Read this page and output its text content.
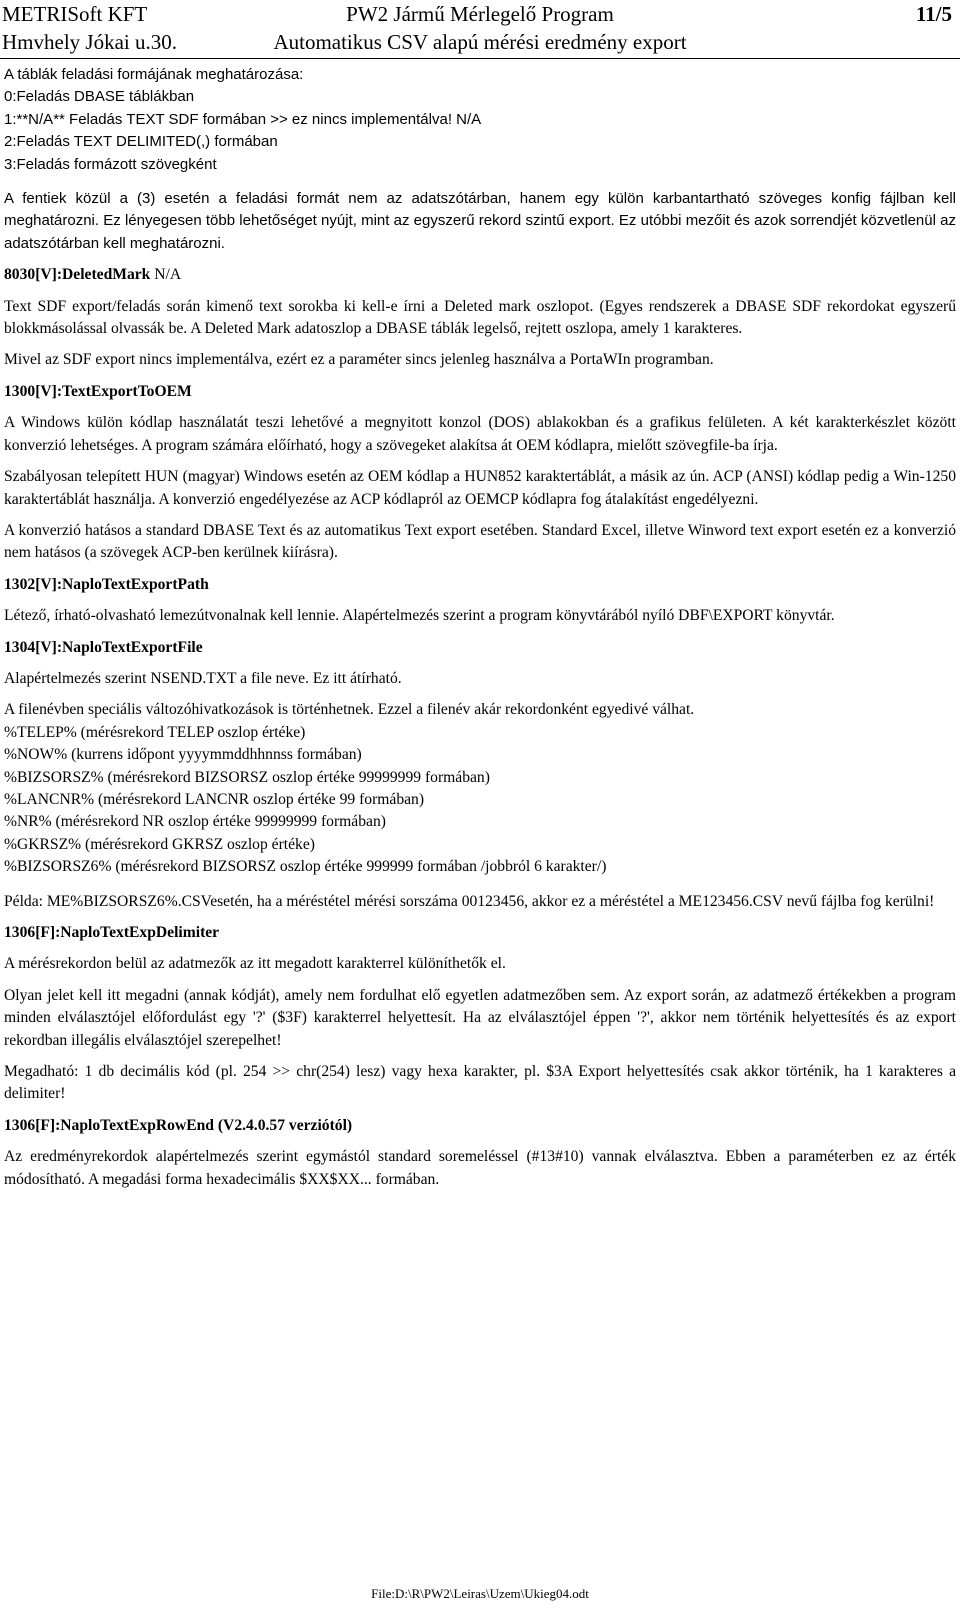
METRISoft KFT
Hmvhely Jókai u.30.
PW2 Jármű Mérlegelő Program
Automatikus CSV alapú mérési eredmény export
11/5
A táblák feladási formájának meghatározása:
0:Feladás DBASE táblákban
1:**N/A** Feladás TEXT SDF formában >> ez nincs implementálva! N/A
2:Feladás TEXT DELIMITED(,) formában
3:Feladás formázott szövegként

A fentiek közül a (3) esetén a feladási formát nem az adatszótárban, hanem egy külön karbantartható szöveges konfig fájlban kell meghatározni. Ez lényegesen több lehetőséget nyújt, mint az egyszerű rekord szintű export. Ez utóbbi mezőit és azok sorrendjét közvetlenül az adatszótárban kell meghatározni.

8030[V]:DeletedMark N/A

Text SDF export/feladás során kimenő text sorokba ki kell-e írni a Deleted mark oszlopot. (Egyes rendszerek a DBASE SDF rekordokat egyszerű blokkmásolással olvassák be. A Deleted Mark adatoszlop a DBASE táblák legelső, rejtett oszlopa, amely 1 karakteres.

Mivel az SDF export nincs implementálva, ezért ez a paraméter sincs jelenleg használva a PortaWIn programban.

1300[V]:TextExportToOEM

A Windows külön kódlap használatát teszi lehetővé a megnyitott konzol (DOS) ablakokban és a grafikus felületen. A két karakterkészlet között konverzió lehetséges. A program számára előírható, hogy a szövegeket alakítsa át OEM kódlapra, mielőtt szövegfile-ba írja.

Szabályosan telepített HUN (magyar) Windows esetén az OEM kódlap a HUN852 karaktertáblát, a másik az ún. ACP (ANSI) kódlap pedig a Win-1250 karaktertáblát használja. A konverzió engedélyezése az ACP kódlapról az OEMCP kódlapra fog átalakítást engedélyezni.

A konverzió hatásos a standard DBASE Text és az automatikus Text export esetében. Standard Excel, illetve Winword text export esetén ez a konverzió nem hatásos (a szövegek ACP-ben kerülnek kiírásra).

1302[V]:NaploTextExportPath

Létező, írható-olvasható lemezútvonalnak kell lennie. Alapértelmezés szerint a program könyvtárából nyíló DBF\EXPORT könyvtár.

1304[V]:NaploTextExportFile

Alapértelmezés szerint NSEND.TXT a file neve. Ez itt átírható.

A filenévben speciális változóhivatkozások is történhetnek. Ezzel a filenév akár rekordonként egyedivé válhat.
%TELEP% (mérésrekord TELEP oszlop értéke)
%NOW% (kurrens időpont yyyymmddhhnnss formában)
%BIZSORSZ% (mérésrekord BIZSORSZ oszlop értéke 99999999 formában)
%LANCNR% (mérésrekord LANCNR oszlop értéke 99 formában)
%NR% (mérésrekord NR oszlop értéke 99999999 formában)
%GKRSZ% (mérésrekord GKRSZ oszlop értéke)
%BIZSORSZ6% (mérésrekord BIZSORSZ oszlop értéke 999999 formában /jobbról 6 karakter/)

Példa: ME%BIZSORSZ6%.CSVesetén, ha a méréstétel mérési sorszáma 00123456, akkor ez a méréstétel a ME123456.CSV nevű fájlba fog kerülni!

1306[F]:NaploTextExpDelimiter

A mérésrekordon belül az adatmezők az itt megadott karakterrel különíthetők el.

Olyan jelet kell itt megadni (annak kódját), amely nem fordulhat elő egyetlen adatmezőben sem. Az export során, az adatmező értékekben a program minden elválasztójel előfordulást egy '?' ($3F) karakterrel helyettesít. Ha az elválasztójel éppen '?', akkor nem történik helyettesítés és az export rekordban illegális elválasztójel szerepelhet!

Megadható: 1 db decimális kód (pl. 254 >> chr(254) lesz) vagy hexa karakter, pl. $3A Export helyettesítés csak akkor történik, ha 1 karakteres a delimiter!

1306[F]:NaploTextExpRowEnd (V2.4.0.57 verziótól)

Az eredményrekordok alapértelmezés szerint egymástól standard soremeléssel (#13#10) vannak elválasztva. Ebben a paraméterben ez az érték módosítható. A megadási forma hexadecimális $XX$XX... formában.

File:D:\R\PW2\Leiras\Uzem\Ukieg04.odt
